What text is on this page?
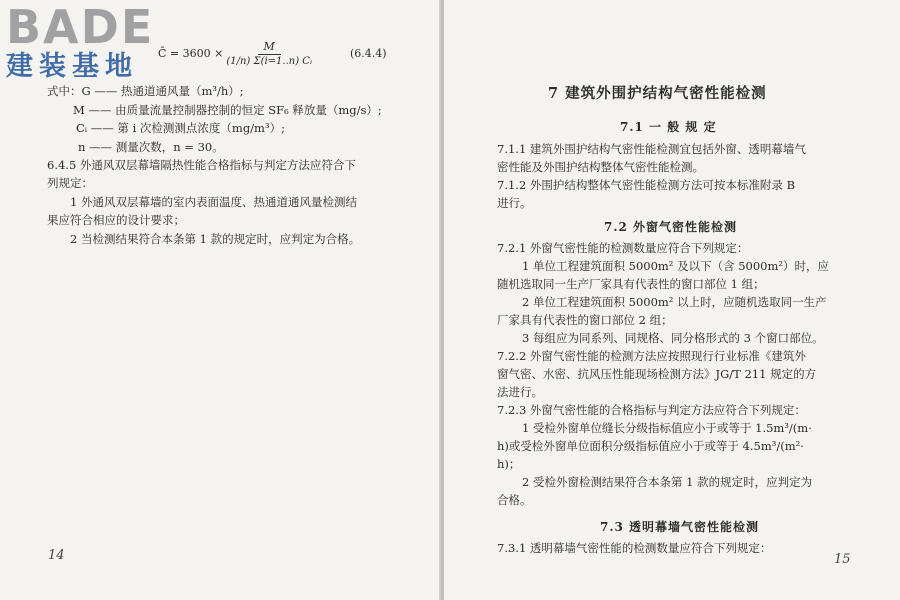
BADE
建装基地	C̄ = $3600 \times \frac{M}{\text{(1/n) Σ(i=1..n) Cᵢ}}$	(6.4.4)
式中：G —— 热通道通风量（m³/h）;
M —— 由质量流量控制器控制的恒定 SF₆ 释放量（mg/s）;
Cᵢ —— 第 i 次检测测点浓度（mg/m³）;
n —— 测量次数，n = 30。
6.4.5 外通风双层幕墙隔热性能合格指标与判定方法应符合下
列规定：
1 外通风双层幕墙的室内表面温度、热通道通风量检测结
果应符合相应的设计要求；
2 当检测结果符合本条第 1 款的规定时，应判定为合格。
14
7 建筑外围护结构气密性能检测
7.1 一 般 规 定
7.1.1 建筑外围护结构气密性能检测宜包括外窗、透明幕墙气
密性能及外围护结构整体气密性能检测。
7.1.2 外围护结构整体气密性能检测方法可按本标准附录 B
进行。
7.2 外窗气密性能检测
7.2.1 外窗气密性能的检测数量应符合下列规定：
1 单位工程建筑面积 5000m² 及以下（含 5000m²）时，应
随机选取同一生产厂家具有代表性的窗口部位 1 组；
2 单位工程建筑面积 5000m² 以上时，应随机选取同一生产
厂家具有代表性的窗口部位 2 组；
3 每组应为同系列、同规格、同分格形式的 3 个窗口部位。
7.2.2 外窗气密性能的检测方法应按照现行行业标准《建筑外
窗气密、水密、抗风压性能现场检测方法》JG/T 211 规定的方
法进行。
7.2.3 外窗气密性能的合格指标与判定方法应符合下列规定：
1 受检外窗单位缝长分级指标值应小于或等于 1.5m³/(m·
h)或受检外窗单位面积分级指标值应小于或等于 4.5m³/(m²·
h)；
2 受检外窗检测结果符合本条第 1 款的规定时，应判定为
合格。
7.3 透明幕墙气密性能检测
7.3.1 透明幕墙气密性能的检测数量应符合下列规定：
15
